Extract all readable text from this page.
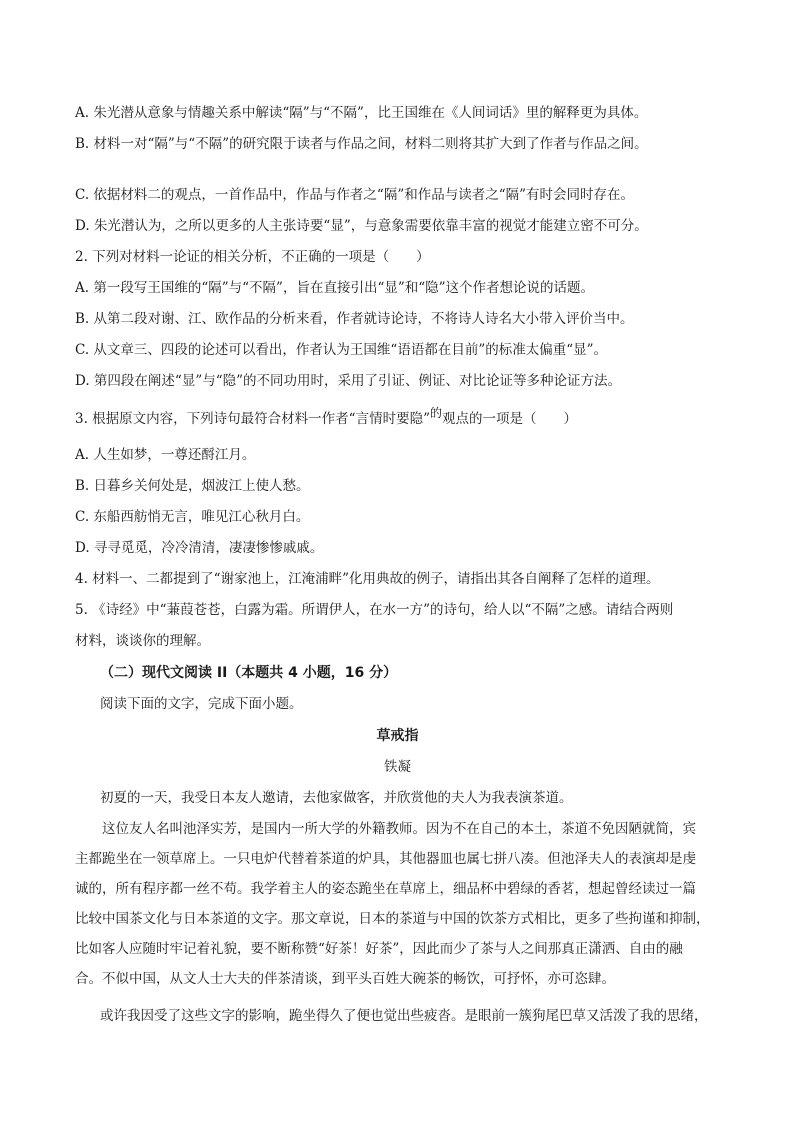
A. 朱光潜从意象与情趣关系中解读“隔”与“不隔”，比王国维在《人间词话》里的解释更为具体。
B. 材料一对“隔”与“不隔”的研究限于读者与作品之间，材料二则将其扩大到了作者与作品之间。
C. 依据材料二的观点，一首作品中，作品与作者之“隔”和作品与读者之“隔”有时会同时存在。
D. 朱光潜认为，之所以更多的人主张诗要“显”，与意象需要依靠丰富的视觉才能建立密不可分。
2. 下列对材料一论证的相关分析，不正确的一项是（　　）
A. 第一段写王国维的“隔”与“不隔”，旨在直接引出“显”和“隐”这个作者想论说的话题。
B. 从第二段对谢、江、欧作品的分析来看，作者就诗论诗，不将诗人诗名大小带入评价当中。
C. 从文章三、四段的论述可以看出，作者认为王国维“语语都在目前”的标准太偏重“显”。
D. 第四段在阐述“显”与“隐”的不同功用时，采用了引证、例证、对比论证等多种论证方法。
3. 根据原文内容，下列诗句最符合材料一作者“言情时要隐”的观点的一项是（　　）
A. 人生如梦，一尊还酹江月。
B. 日暮乡关何处是，烟波江上使人愁。
C. 东船西舫悄无言，唯见江心秋月白。
D. 寻寻觅觅，冷冷清清，凄凄惨惨戚戚。
4. 材料一、二都提到了“谢家池上，江淹浦畔”化用典故的例子，请指出其各自阐释了怎样的道理。
5. 《诗经》中“蒹葭苍苍，白露为霜。所谓伊人，在水一方”的诗句，给人以“不隔”之感。请结合两则
材料，谈谈你的理解。
（二）现代文阅读 II（本题共 4 小题，16 分）
阅读下面的文字，完成下面小题。
草戒指
铁凝
初夏的一天，我受日本友人邀请，去他家做客，并欣赏他的夫人为我表演茶道。
这位友人名叫池泽实芳，是国内一所大学的外籍教师。因为不在自己的本土，茶道不免因陋就简，宾
主都跪坐在一领草席上。一只电炉代替着茶道的炉具，其他器皿也属七拼八凑。但池泽夫人的表演却是虔
诚的，所有程序都一丝不苟。我学着主人的姿态跪坐在草席上，细品杯中碧绿的香茗，想起曾经读过一篇
比较中国茶文化与日本茶道的文字。那文章说，日本的茶道与中国的饮茶方式相比，更多了些拘谨和抑制，
比如客人应随时牢记着礼貌，要不断称赞“好茶！好茶”，因此而少了茶与人之间那真正潇洒、自由的融
合。不似中国，从文人士大夫的伴茶清谈，到平头百姓大碗茶的畅饮，可抒怀，亦可恣肆。
或许我因受了这些文字的影响，跪坐得久了便也觉出些疲沓。是眼前一簇狗尾巴草又活泼了我的思绪，
